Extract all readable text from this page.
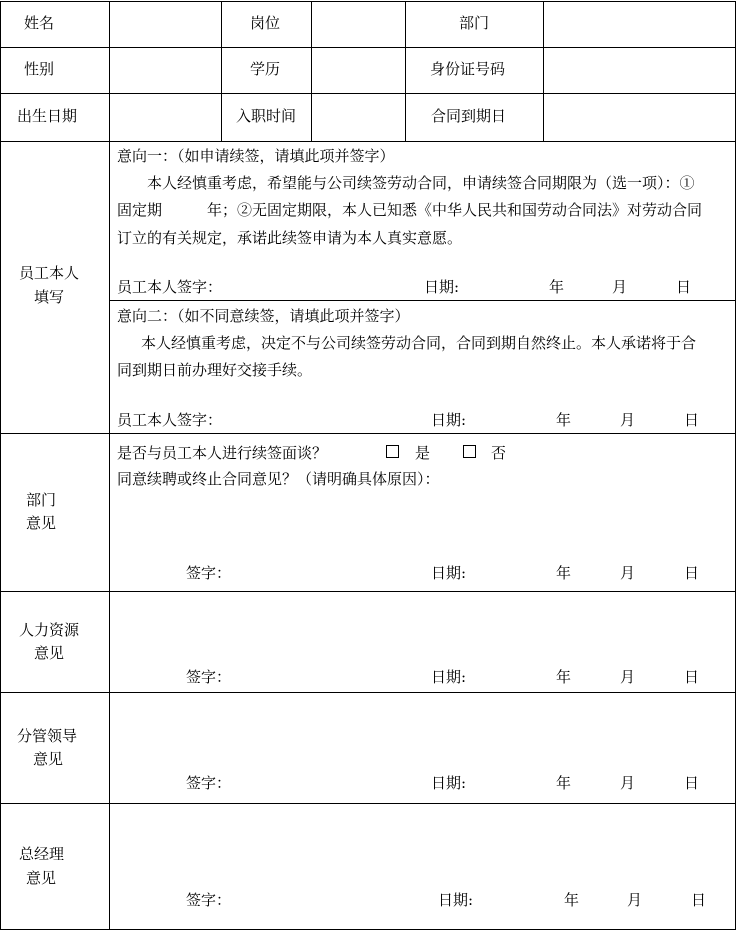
姓名	岗位	部门
性别	学历	身份证号码
出生日期	入职时间	合同到期日
员工本人
填写
意向一：（如申请续签，请填此项并签字）
本人经慎重考虑，希望能与公司续签劳动合同，申请续签合同期限为（选一项）：①
固定期　　　年；②无固定期限，本人已知悉《中华人民共和国劳动合同法》对劳动合同
订立的有关规定，承诺此续签申请为本人真实意愿。
员工本人签字：	日期:	年	月	日
意向二：（如不同意续签，请填此项并签字）
本人经慎重考虑，决定不与公司续签劳动合同，合同到期自然终止。本人承诺将于合
同到期日前办理好交接手续。
员工本人签字：	日期:	年	月	日
部门
意见
是否与员工本人进行续签面谈？	是	否
同意续聘或终止合同意见？（请明确具体原因）：
签字：	日期:	年	月	日
人力资源
意见
签字：	日期:	年	月	日
分管领导
意见
签字：	日期:	年	月	日
总经理
意见
签字：	日期:	年	月	日
